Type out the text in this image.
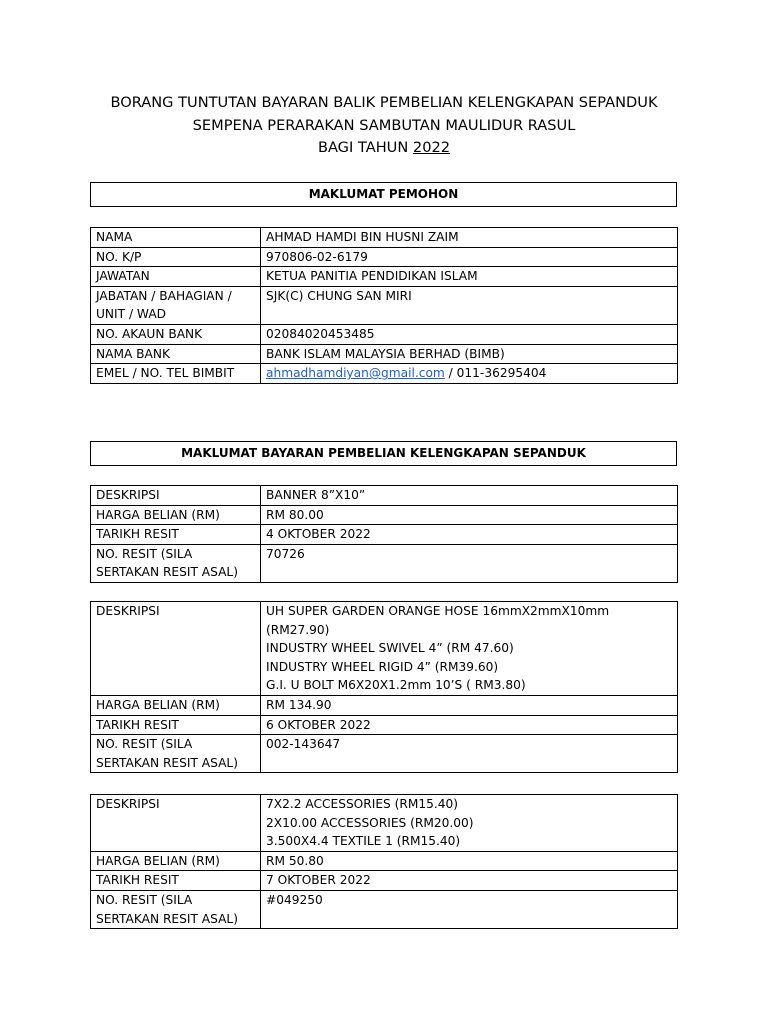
BORANG TUNTUTAN BAYARAN BALIK PEMBELIAN KELENGKAPAN SEPANDUK
SEMPENA PERARAKAN SAMBUTAN MAULIDUR RASUL
BAGI TAHUN 2022
MAKLUMAT PEMOHON
NAMA	AHMAD HAMDI BIN HUSNI ZAIM
NO. K/P	970806-02-6179
JAWATAN	KETUA PANITIA PENDIDIKAN ISLAM
JABATAN / BAHAGIAN / UNIT / WAD	SJK(C) CHUNG SAN MIRI
NO. AKAUN BANK	02084020453485
NAMA BANK	BANK ISLAM MALAYSIA BERHAD (BIMB)
EMEL / NO. TEL BIMBIT	ahmadhamdiyan@gmail.com / 011-36295404
MAKLUMAT BAYARAN PEMBELIAN KELENGKAPAN SEPANDUK
DESKRIPSI	BANNER 8”X10”

HARGA BELIAN (RM)	RM 80.00
TARIKH RESIT	4 OKTOBER 2022

NO. RESIT (SILA
SERTAKAN RESIT ASAL)	70726
DESKRIPSI	UH SUPER GARDEN ORANGE HOSE 16mmX2mmX10mm
(RM27.90)
INDUSTRY WHEEL SWIVEL 4” (RM 47.60)
INDUSTRY WHEEL RIGID 4” (RM39.60)
G.I. U BOLT M6X20X1.2mm 10’S ( RM3.80)

HARGA BELIAN (RM)	RM 134.90
TARIKH RESIT	6 OKTOBER 2022

NO. RESIT (SILA
SERTAKAN RESIT ASAL)	002-143647
DESKRIPSI	7X2.2 ACCESSORIES (RM15.40)
2X10.00 ACCESSORIES (RM20.00)
3.500X4.4 TEXTILE 1 (RM15.40)

HARGA BELIAN (RM)	RM 50.80
TARIKH RESIT	7 OKTOBER 2022

NO. RESIT (SILA
SERTAKAN RESIT ASAL)	#049250
